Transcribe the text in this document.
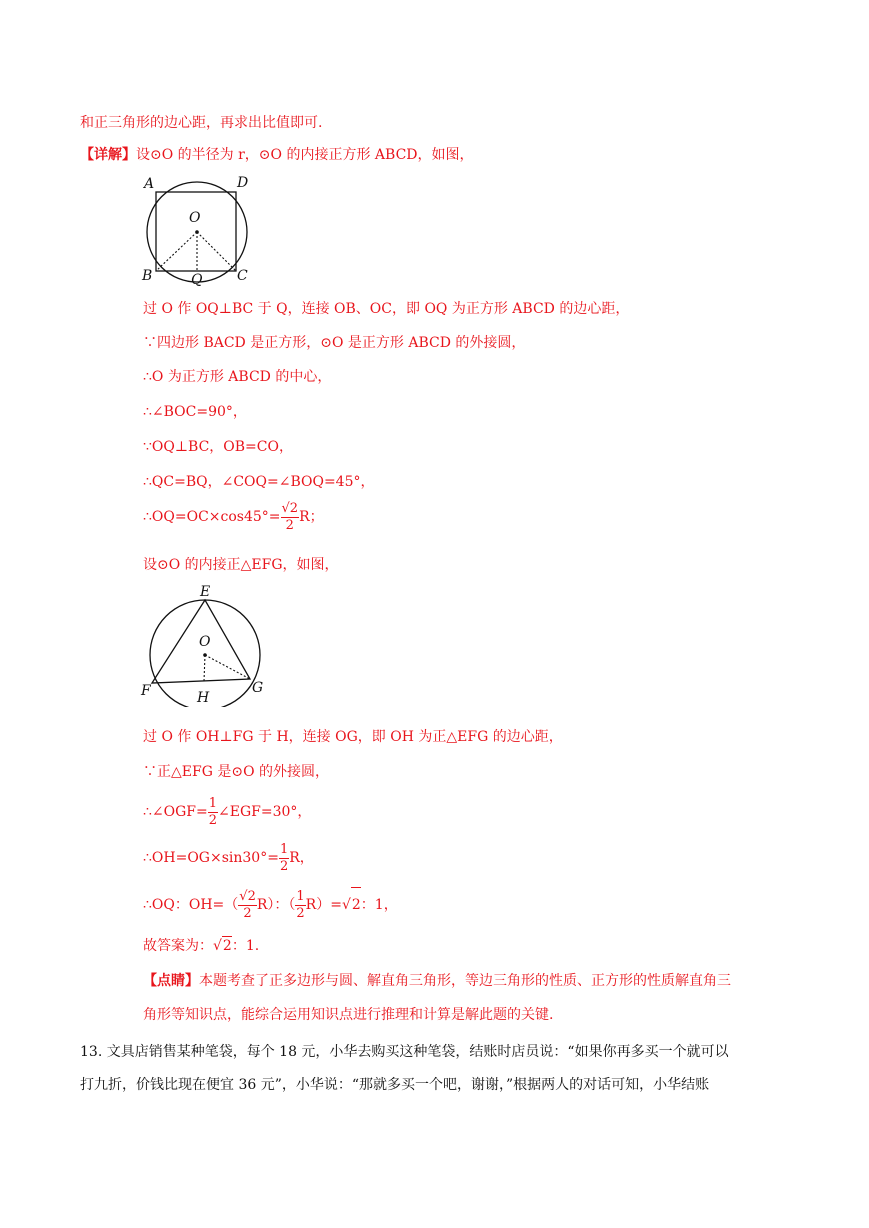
和正三角形的边心距，再求出比值即可.
【详解】设⊙O 的半径为 r，⊙O 的内接正方形 ABCD，如图，
A	D
O
B	Q C
过 O 作 OQ⊥BC 于 Q，连接 OB、OC，即 OQ 为正方形 ABCD 的边心距，
∵四边形 BACD 是正方形，⊙O 是正方形 ABCD 的外接圆，
∴O 为正方形 ABCD 的中心，
∴∠BOC=90°，
∵OQ⊥BC，OB=CO，
∴QC=BQ，∠COQ=∠BOQ=45°，
∴OQ=OC×cos45°= $\frac{√2}{2}$ R；
设⊙O 的内接正△EFG，如图，
E
O
F	H
G
过 O 作 OH⊥FG 于 H，连接 OG，即 OH 为正△EFG 的边心距，
∵正△EFG 是⊙O 的外接圆，
∴∠OGF= $\frac{1}{2}$ ∠EGF=30°，
∴OH=OG×sin30°= $\frac{1}{2}$ R，
∴OQ：$OH=( \frac{√2}{2} R)$：（ $\frac{1}{2} R)=√2$：1，
故答案为：√2：1.
【点睛】本题考查了正多边形与圆、解直角三角形，等边三角形的性质、正方形的性质解直角三
角形等知识点，能综合运用知识点进行推理和计算是解此题的关键.
13. 文具店销售某种笔袋，每个 18 元，小华去购买这种笔袋，结账时店员说：“如果你再多买一个就可以
打九折，价钱比现在便宜 36 元”，小华说：“那就多买一个吧，谢谢，”根据两人的对话可知，小华结账
